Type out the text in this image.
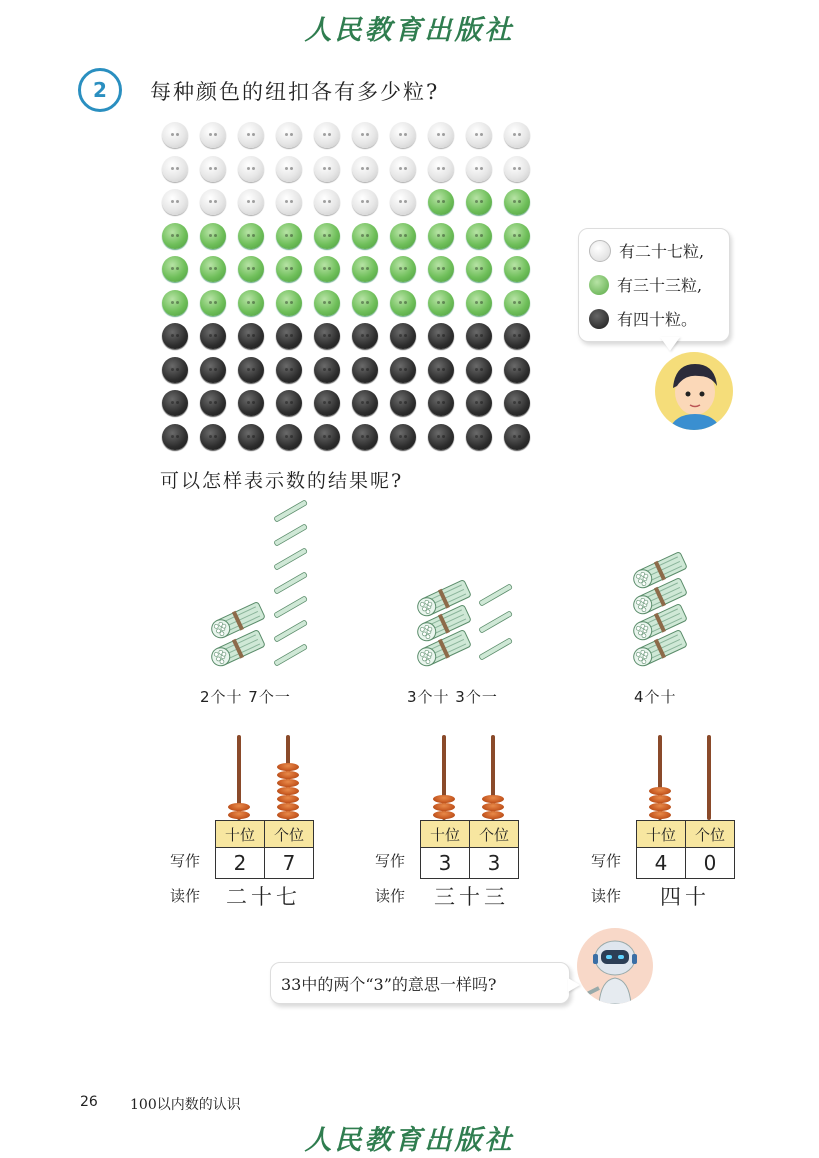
人民教育出版社
2	每种颜色的纽扣各有多少粒?
有二十七粒,
有三十三粒,
有四十粒。
可以怎样表示数的结果呢?
2个十 7个一	3个十 3个一	4个十
十位	个位
2	7
写作
读作 二十七
十位	个位
3	3
写作
读作 三十三
十位	个位
4	0
写作
读作 四十
33中的两个“3”的意思一样吗?
26 100以内数的认识
人民教育出版社
